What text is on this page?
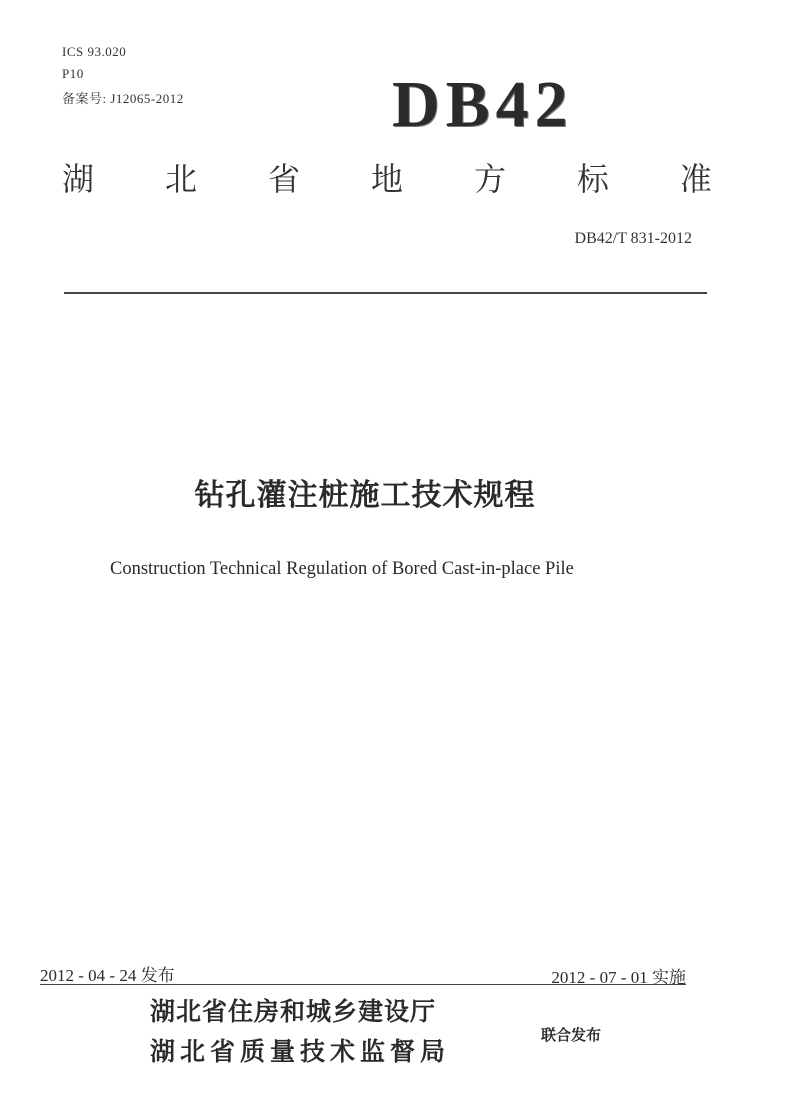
ICS 93.020
P10
备案号: J12065-2012	DB42
湖 北 省 地 方 标 准
DB42/T 831-2012
钻孔灌注桩施工技术规程
Construction Technical Regulation of Bored Cast-in-place Pile
2012 - 04 - 24 发布	2012 - 07 - 01 实施
湖北省住房和城乡建设厅
湖北省质量技术监督局
联合发布
